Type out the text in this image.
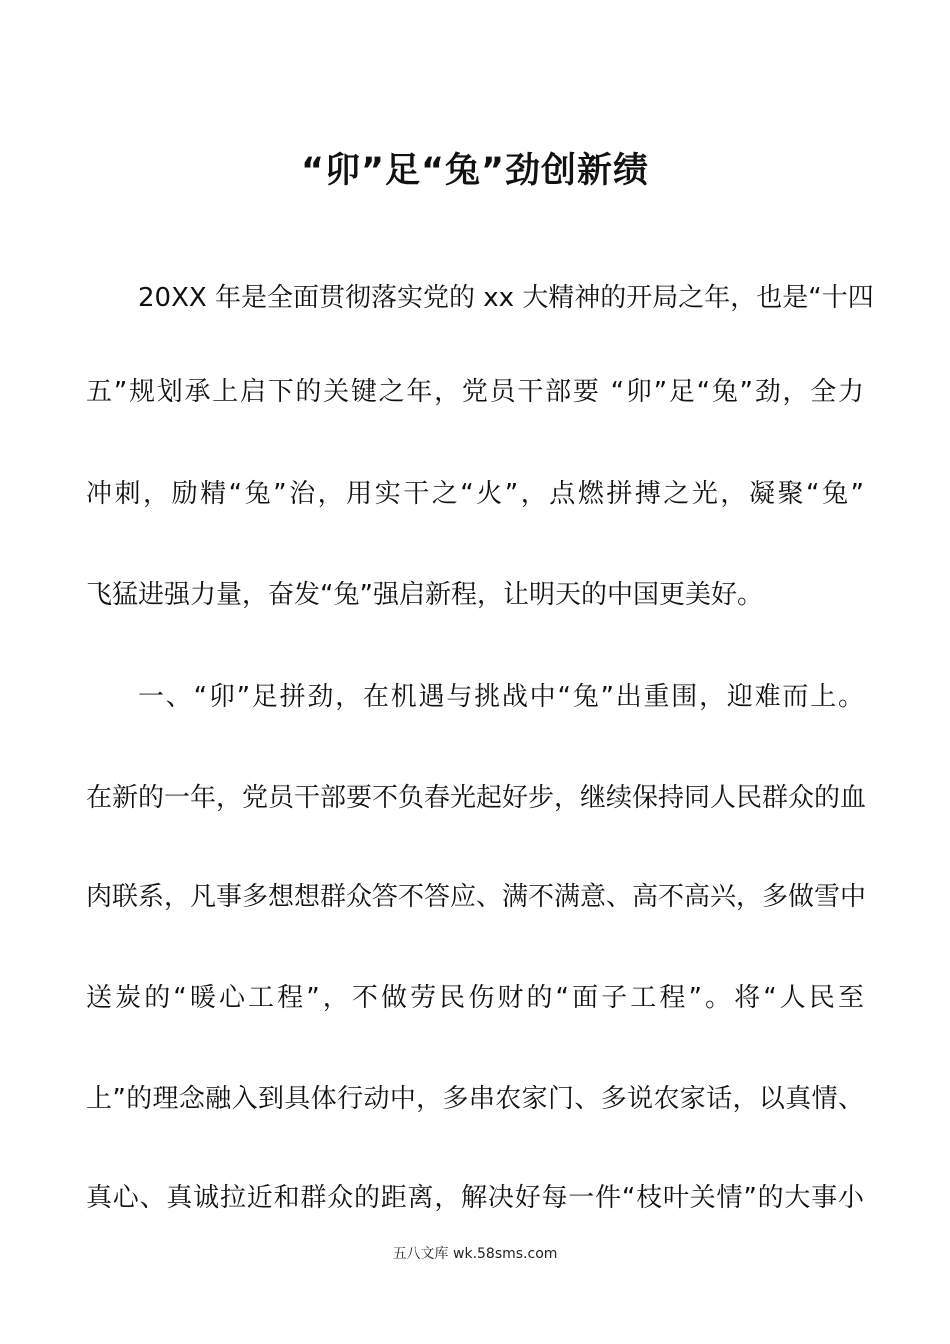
“卯”足“兔”劲创新绩
20XX 年是全面贯彻落实党的 xx 大精神的开局之年，也是“十四
五”规划承上启下的关键之年，党员干部要 “卯”足“兔”劲，全力
冲刺，励精“兔”治，用实干之“火”，点燃拼搏之光，凝聚“兔”
飞猛进强力量，奋发“兔”强启新程，让明天的中国更美好。
一、“卯”足拼劲，在机遇与挑战中“兔”出重围，迎难而上。
在新的一年，党员干部要不负春光起好步，继续保持同人民群众的血
肉联系，凡事多想想群众答不答应、满不满意、高不高兴，多做雪中
送炭的“暖心工程”，不做劳民伤财的“面子工程”。将“人民至
上”的理念融入到具体行动中，多串农家门、多说农家话，以真情、
真心、真诚拉近和群众的距离，解决好每一件“枝叶关情”的大事小
五八文库 wk.58sms.com
